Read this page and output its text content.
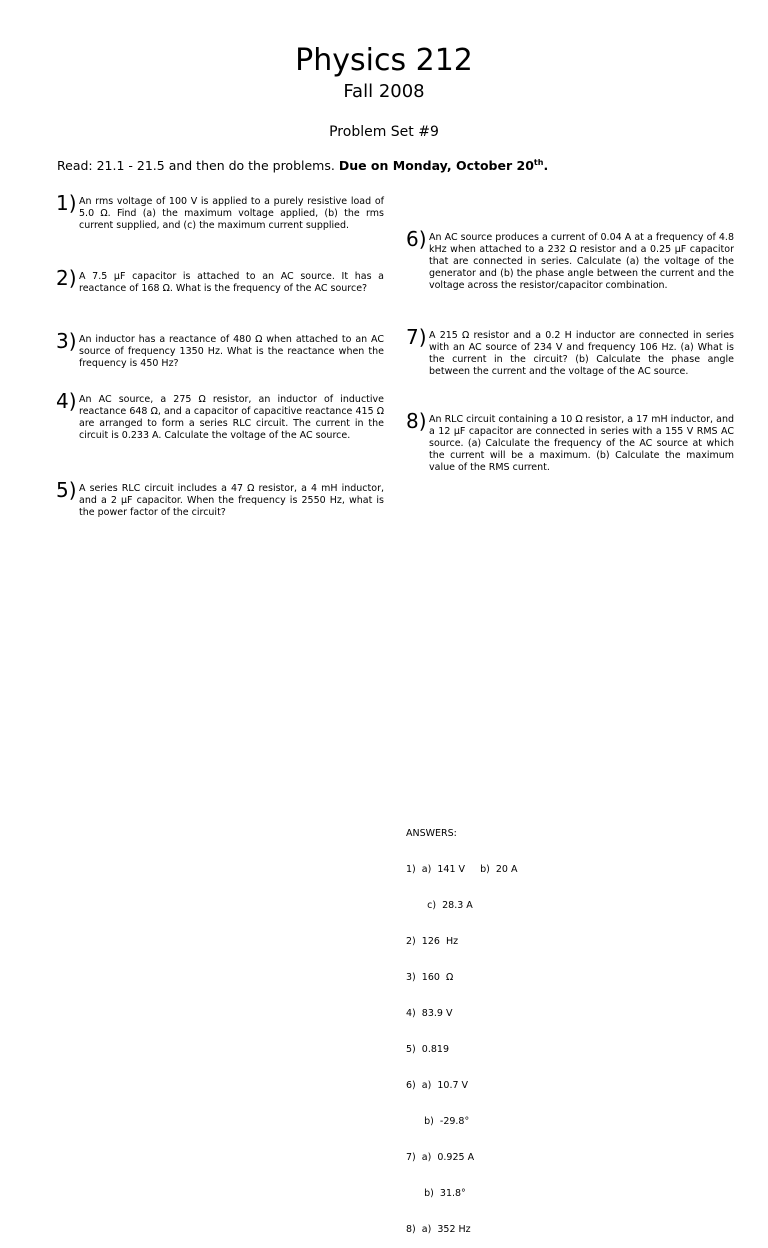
Physics 212
Fall 2008
Problem Set #9
Read: 21.1 - 21.5 and then do the problems. Due on Monday, October 20th.
1) An rms voltage of 100 V is applied to a purely resistive load of 5.0 Ω. Find (a) the maximum voltage applied, (b) the rms current supplied, and (c) the maximum current supplied.
2) A 7.5 μF capacitor is attached to an AC source. It has a reactance of 168 Ω. What is the frequency of the AC source?
3) An inductor has a reactance of 480 Ω when attached to an AC source of frequency 1350 Hz. What is the reactance when the frequency is 450 Hz?
4) An AC source, a 275 Ω resistor, an inductor of inductive reactance 648 Ω, and a capacitor of capacitive reactance 415 Ω are arranged to form a series RLC circuit. The current in the circuit is 0.233 A. Calculate the voltage of the AC source.
5) A series RLC circuit includes a 47 Ω resistor, a 4 mH inductor, and a 2 μF capacitor. When the frequency is 2550 Hz, what is the power factor of the circuit?
6) An AC source produces a current of 0.04 A at a frequency of 4.8 kHz when attached to a 232 Ω resistor and a 0.25 μF capacitor that are connected in series. Calculate (a) the voltage of the generator and (b) the phase angle between the current and the voltage across the resistor/capacitor combination.
7) A 215 Ω resistor and a 0.2 H inductor are connected in series with an AC source of 234 V and frequency 106 Hz. (a) What is the current in the circuit? (b) Calculate the phase angle between the current and the voltage of the AC source.
8) An RLC circuit containing a 10 Ω resistor, a 17 mH inductor, and a 12 μF capacitor are connected in series with a 155 V RMS AC source. (a) Calculate the frequency of the AC source at which the current will be a maximum. (b) Calculate the maximum value of the RMS current.

ANSWERS:

1)  a)  141 V     b)  20 A

c)  28.3 A

2)  126  Hz

3)  160  Ω

4)  83.9 V

5)  0.819

6)  a)  10.7 V

b)  -29.8°

7)  a)  0.925 A

b)  31.8°

8)  a)  352 Hz
